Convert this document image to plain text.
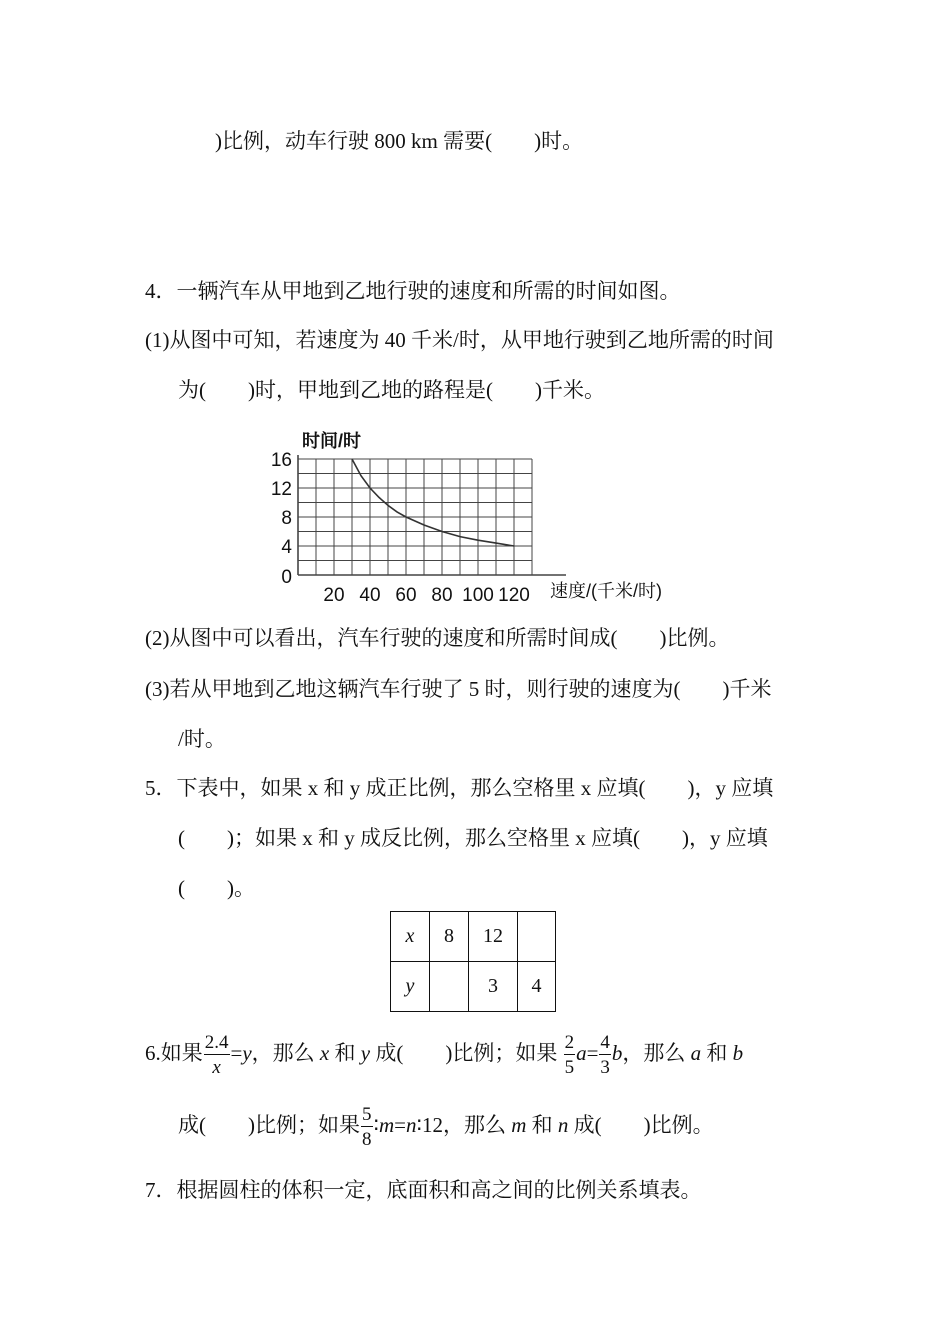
)比例，动车行驶 800 km 需要(　　)时。
4．一辆汽车从甲地到乙地行驶的速度和所需的时间如图。
(1)从图中可知，若速度为 40 千米/时，从甲地行驶到乙地所需的时间
为(　　)时，甲地到乙地的路程是(　　)千米。
20 40 60 80 100 120
0
4
8
12
16
时间/时
速度/(千米/时)
(2)从图中可以看出，汽车行驶的速度和所需时间成(　　)比例。
(3)若从甲地到乙地这辆汽车行驶了 5 时，则行驶的速度为(　　)千米
/时。
5．下表中，如果 x 和 y 成正比例，那么空格里 x 应填(　　)，y 应填
(　　)；如果 x 和 y 成反比例，那么空格里 x 应填(　　)，y 应填
(　　)。
x	8	12	
y		3	4
6.如果 $\frac{2.4}{x} =y$，那么 x 和 y 成(　　)比例；如果 $\frac{2}{5} a= \frac{4}{3}$ b，那么 a 和 b
成(　　)比例；如果 $\frac{5}{8}$ ∶m=n∶12，那么 m 和 n 成(　　)比例。
7．根据圆柱的体积一定，底面积和高之间的比例关系填表。
